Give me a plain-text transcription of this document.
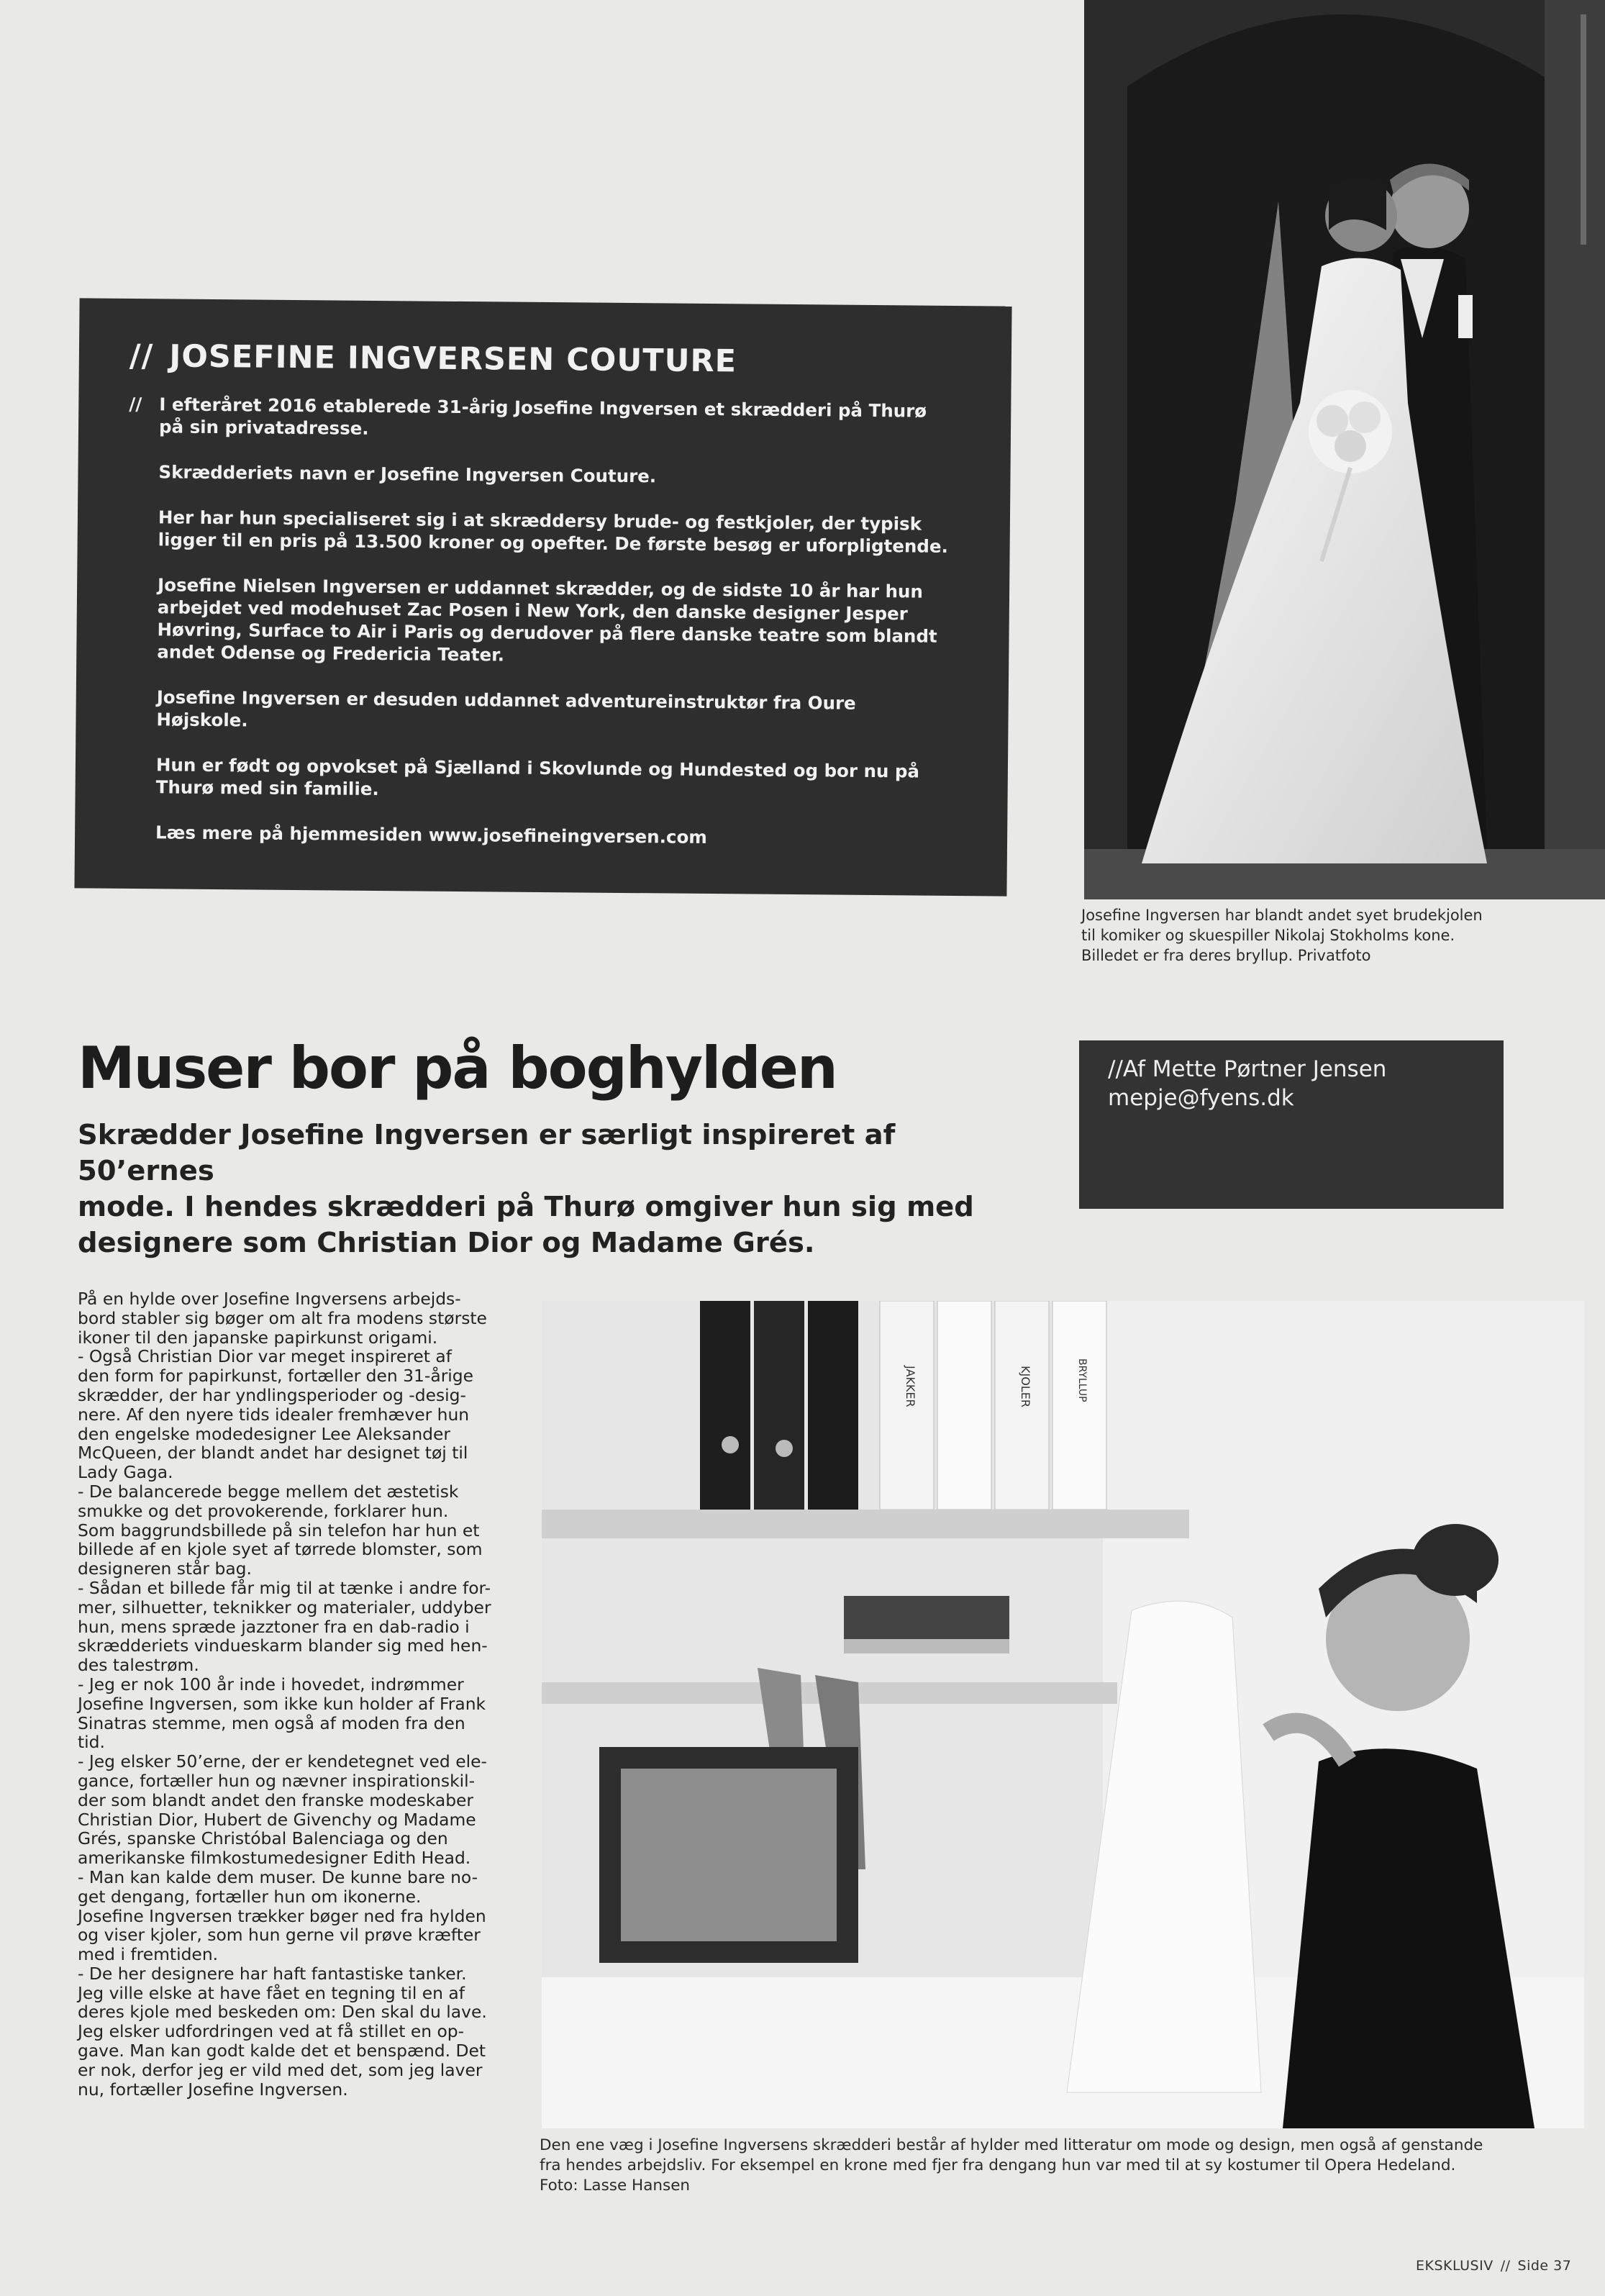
// JOSEFINE INGVERSEN COUTURE
// I efteråret 2016 etablerede 31-årig Josefine Ingversen et skrædderi på Thurø på sin privatadresse.
Skrædderiets navn er Josefine Ingversen Couture.
Her har hun specialiseret sig i at skræddersy brude- og festkjoler, der typisk ligger til en pris på 13.500 kroner og opefter. De første besøg er uforpligtende.
Josefine Nielsen Ingversen er uddannet skrædder, og de sidste 10 år har hun arbejdet ved modehuset Zac Posen i New York, den danske designer Jesper Høvring, Surface to Air i Paris og derudover på flere danske teatre som blandt andet Odense og Fredericia Teater.
Josefine Ingversen er desuden uddannet adventureinstruktør fra Oure Højskole.
Hun er født og opvokset på Sjælland i Skovlunde og Hundested og bor nu på Thurø med sin familie.
Læs mere på hjemmesiden www.josefineingversen.com
Josefine Ingversen har blandt andet syet brudekjolen
til komiker og skuespiller Nikolaj Stokholms kone.
Billedet er fra deres bryllup. Privatfoto
Muser bor på boghylden
Skrædder Josefine Ingversen er særligt inspireret af 50’ernes
mode. I hendes skrædderi på Thurø omgiver hun sig med
designere som Christian Dior og Madame Grés.
//Af Mette Pørtner Jensen
mepje@fyens.dk

På en hylde over Josefine Ingversens arbejds-

bord stabler sig bøger om alt fra modens største

ikoner til den japanske papirkunst origami.

- Også Christian Dior var meget inspireret af

den form for papirkunst, fortæller den 31-årige

skrædder, der har yndlingsperioder og -desig-

nere. Af den nyere tids idealer fremhæver hun

den engelske modedesigner Lee Aleksander

McQueen, der blandt andet har designet tøj til

Lady Gaga.

- De balancerede begge mellem det æstetisk

smukke og det provokerende, forklarer hun.

Som baggrundsbillede på sin telefon har hun et

billede af en kjole syet af tørrede blomster, som

designeren står bag.

- Sådan et billede får mig til at tænke i andre for-

mer, silhuetter, teknikker og materialer, uddyber

hun, mens spræde jazztoner fra en dab-radio i

skrædderiets vindueskarm blander sig med hen-

des talestrøm.

- Jeg er nok 100 år inde i hovedet, indrømmer

Josefine Ingversen, som ikke kun holder af Frank

Sinatras stemme, men også af moden fra den

tid.

- Jeg elsker 50’erne, der er kendetegnet ved ele-

gance, fortæller hun og nævner inspirationskil-

der som blandt andet den franske modeskaber

Christian Dior, Hubert de Givenchy og Madame

Grés, spanske Christóbal Balenciaga og den

amerikanske filmkostumedesigner Edith Head.

- Man kan kalde dem muser. De kunne bare no-

get dengang, fortæller hun om ikonerne.

Josefine Ingversen trækker bøger ned fra hylden

og viser kjoler, som hun gerne vil prøve kræfter

med i fremtiden.

- De her designere har haft fantastiske tanker.

Jeg ville elske at have fået en tegning til en af

deres kjole med beskeden om: Den skal du lave.

Jeg elsker udfordringen ved at få stillet en op-

gave. Man kan godt kalde det et benspænd. Det

er nok, derfor jeg er vild med det, som jeg laver

nu, fortæller Josefine Ingversen.

JAKKER	KJOLER	BRYLLUP
Den ene væg i Josefine Ingversens skrædderi består af hylder med litteratur om mode og design, men også af genstande
fra hendes arbejdsliv. For eksempel en krone med fjer fra dengang hun var med til at sy kostumer til Opera Hedeland.
Foto: Lasse Hansen
EKSKLUSIV // Side 37
